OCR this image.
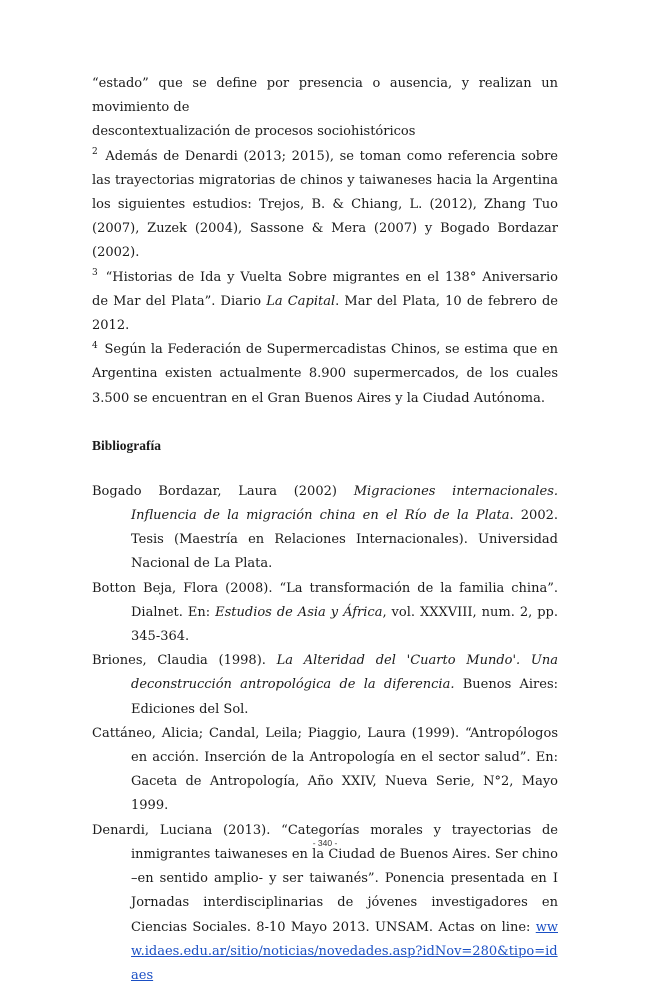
“estado” que se define por presencia o ausencia, y realizan un movimiento de
descontextualización de procesos sociohistóricos

$^2$ Además de Denardi (2013; 2015), se toman como referencia sobre las trayectorias migratorias de chinos y taiwaneses hacia la Argentina los siguientes estudios: Trejos, B. & Chiang, L. (2012), Zhang Tuo (2007), Zuzek (2004), Sassone & Mera (2007) y Bogado Bordazar (2002).

$^3$ “Historias de Ida y Vuelta Sobre migrantes en el 138° Aniversario de Mar del Plata”. Diario La Capital. Mar del Plata, 10 de febrero de 2012.

$^4$ Según la Federación de Supermercadistas Chinos, se estima que en Argentina existen actualmente 8.900 supermercados, de los cuales 3.500 se encuentran en el Gran Buenos Aires y la Ciudad Autónoma.

Bibliografía

Bogado Bordazar, Laura (2002) Migraciones internacionales. Influencia de la migración china en el Río de la Plata. 2002. Tesis (Maestría en Relaciones Internacionales). Universidad Nacional de La Plata.

Botton Beja, Flora (2008). “La transformación de la familia china”. Dialnet. En: Estudios de Asia y África, vol. XXXVIII, num. 2, pp. 345-364.

Briones, Claudia (1998). La Alteridad del 'Cuarto Mundo'. Una deconstrucción antropológica de la diferencia. Buenos Aires: Ediciones del Sol.

Cattáneo, Alicia; Candal, Leila; Piaggio, Laura (1999). “Antropólogos en acción. Inserción de la Antropología en el sector salud”. En: Gaceta de Antropología, Año XXIV, Nueva Serie, N°2, Mayo 1999.

Denardi, Luciana (2013). “Categorías morales y trayectorias de inmigrantes taiwaneses en la Ciudad de Buenos Aires. Ser chino –en sentido amplio- y ser taiwanés”. Ponencia presentada en I Jornadas interdisciplinarias de jóvenes investigadores en Ciencias Sociales. 8-10 Mayo 2013. UNSAM. Actas on line: www.idaes.edu.ar/sitio/noticias/novedades.asp?idNov=280&tipo=idaes

- 340 -
